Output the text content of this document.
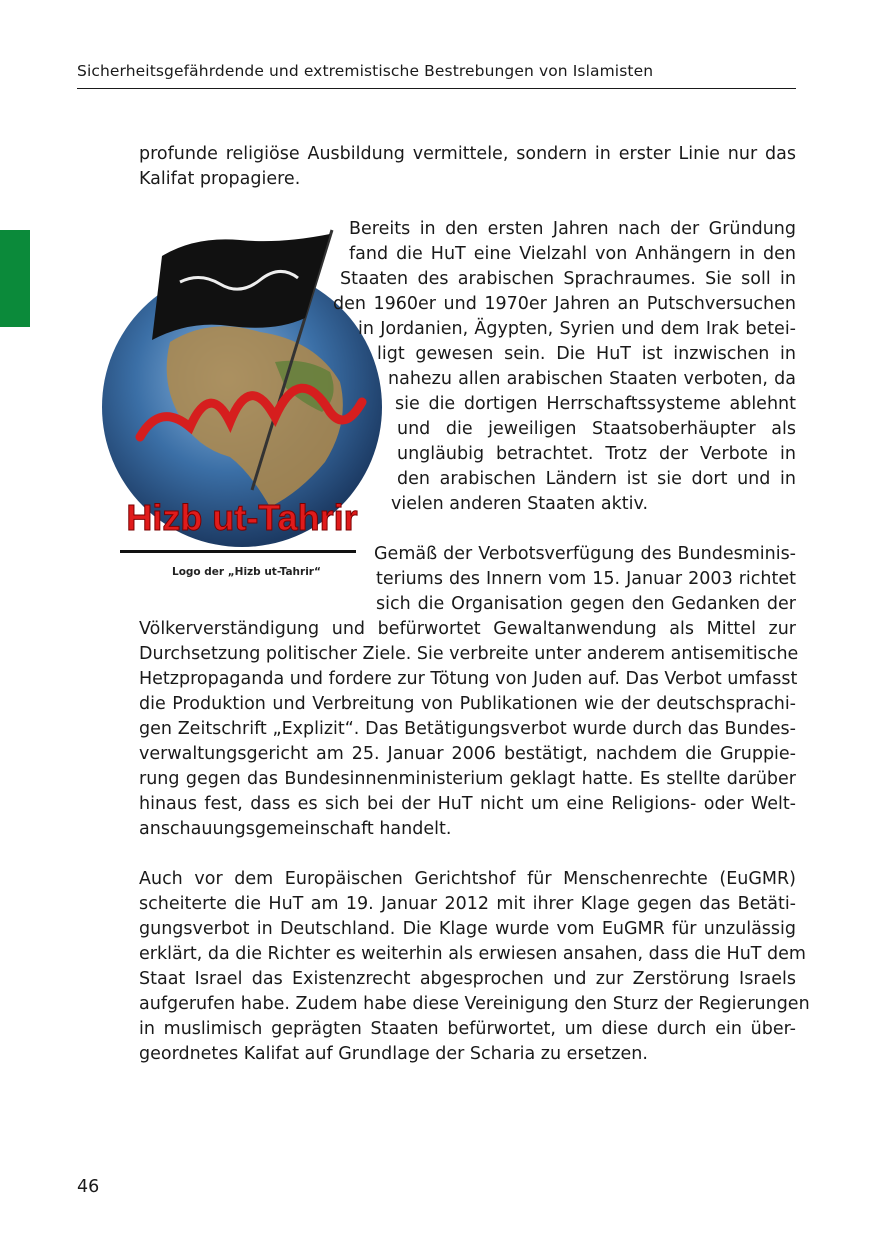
Sicherheitsgefährdende und extremistische Bestrebungen von Islamisten
profunde religiöse Ausbildung vermittele, sondern in erster Linie nur das
Kalifat propagiere.
Hizb ut-Tahrir
Logo der „Hizb ut-Tahrir“
Bereits in den ersten Jahren nach der Gründung
fand die HuT eine Vielzahl von Anhängern in den
Staaten des arabischen Sprachraumes. Sie soll in
den 1960er und 1970er Jahren an Putschversuchen
in Jordanien, Ägypten, Syrien und dem Irak betei-
ligt gewesen sein. Die HuT ist inzwischen in
nahezu allen arabischen Staaten verboten, da
sie die dortigen Herrschaftssysteme ablehnt
und die jeweiligen Staatsoberhäupter als
ungläubig betrachtet. Trotz der Verbote in
den arabischen Ländern ist sie dort und in
vielen anderen Staaten aktiv.
Gemäß der Verbotsverfügung des Bundesminis-
teriums des Innern vom 15. Januar 2003 richtet
sich die Organisation gegen den Gedanken der
Völkerverständigung und befürwortet Gewaltanwendung als Mittel zur
Durchsetzung politischer Ziele. Sie verbreite unter anderem antisemitische
Hetzpropaganda und fordere zur Tötung von Juden auf. Das Verbot umfasst
die Produktion und Verbreitung von Publikationen wie der deutschsprachi-
gen Zeitschrift „Explizit“. Das Betätigungsverbot wurde durch das Bundes-
verwaltungsgericht am 25. Januar 2006 bestätigt, nachdem die Gruppie-
rung gegen das Bundesinnenministerium geklagt hatte. Es stellte darüber
hinaus fest, dass es sich bei der HuT nicht um eine Religions- oder Welt-
anschauungsgemeinschaft handelt.
Auch vor dem Europäischen Gerichtshof für Menschenrechte (EuGMR)
scheiterte die HuT am 19. Januar 2012 mit ihrer Klage gegen das Betäti-
gungsverbot in Deutschland. Die Klage wurde vom EuGMR für unzulässig
erklärt, da die Richter es weiterhin als erwiesen ansahen, dass die HuT dem
Staat Israel das Existenzrecht abgesprochen und zur Zerstörung Israels
aufgerufen habe. Zudem habe diese Vereinigung den Sturz der Regierungen
in muslimisch geprägten Staaten befürwortet, um diese durch ein über-
geordnetes Kalifat auf Grundlage der Scharia zu ersetzen.
46
